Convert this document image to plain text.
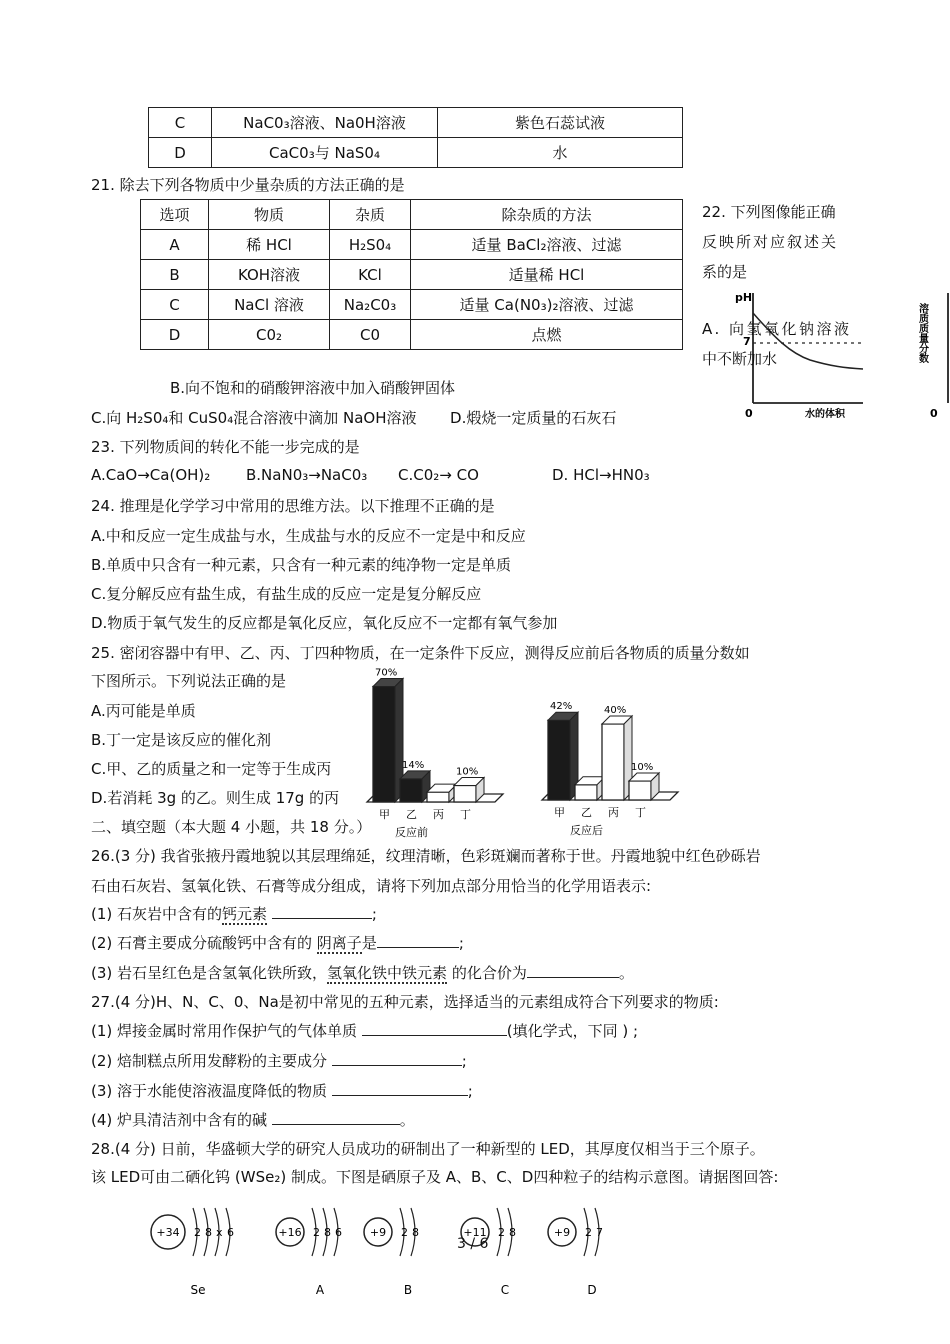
C	NaC0₃溶液、Na0H溶液	紫色石蕊试液
D	CaC0₃与 NaS0₄	水
21. 除去下列各物质中少量杂质的方法正确的是
选项	物质	杂质	除杂质的方法
A	稀 HCl	H₂S0₄	适量 BaCl₂溶液、过滤
B	KOH溶液	KCl	适量稀 HCl
C	NaCl 溶液	Na₂C0₃	适量 Ca(N0₃)₂溶液、过滤
D	C0₂	C0	点燃
22. 下列图像能正确
反映所对应叙述关
系的是
pH
7
0	水的体积
A. 向氢氧化钠溶液
中不断加水	溶质质量分数
0
B.向不饱和的硝酸钾溶液中加入硝酸钾固体
C.向 H₂S0₄和 CuS0₄混合溶液中滴加 NaOH溶液 D.煅烧一定质量的石灰石
23. 下列物质间的转化不能一步完成的是
A.CaO→Ca(OH)₂ B.NaN0₃→NaC0₃ C.C0₂→ CO	D. HCl→HN0₃
24. 推理是化学学习中常用的思维方法。以下推理不正确的是
A.中和反应一定生成盐与水，生成盐与水的反应不一定是中和反应
B.单质中只含有一种元素，只含有一种元素的纯净物一定是单质
C.复分解反应有盐生成，有盐生成的反应一定是复分解反应
D.物质于氧气发生的反应都是氧化反应，氧化反应不一定都有氧气参加
25. 密闭容器中有甲、乙、丙、丁四种物质，在一定条件下反应，测得反应前后各物质的质量分数如
下图所示。下列说法正确的是
A.丙可能是单质
B.丁一定是该反应的催化剂
C.甲、乙的质量之和一定等于生成丙
D.若消耗 3g 的乙。则生成 17g 的丙
70%
甲
14%
乙 丙
10%
丁
反应前
42%
甲 乙
40%
丙
10%
丁
反应后
二、填空题（本大题 4 小题，共 18 分。）
26.(3 分) 我省张掖丹霞地貌以其层理绵延，纹理清晰，色彩斑斓而著称于世。丹霞地貌中红色砂砾岩
石由石灰岩、氢氧化铁、石膏等成分组成，请将下列加点部分用恰当的化学用语表示:
(1) 石灰岩中含有的钙元素	;
(2) 石膏主要成分硫酸钙中含有的 阴离子是	;
(3) 岩石呈红色是含氢氧化铁所致，氢氧化铁中铁元素 的化合价为	。
27.(4 分)H、N、C、0、Na是初中常见的五种元素，选择适当的元素组成符合下列要求的物质:
(1) 焊接金属时常用作保护气的气体单质	(填化学式，下同 ) ;
(2) 焙制糕点所用发酵粉的主要成分	;
(3) 溶于水能使溶液温度降低的物质	;
(4) 炉具清洁剂中含有的碱	。
28.(4 分) 日前，华盛顿大学的研究人员成功的研制出了一种新型的 LED，其厚度仅相当于三个原子。
该 LED可由二硒化钨 (WSe₂) 制成。下图是硒原子及 A、B、C、D四种粒子的结构示意图。请据图回答:
+34 2 8 x 6
Se
+16 2 8 6
A
+9 2 8
B
+11 2 8
C
+9 2 7
D
3 / 6
